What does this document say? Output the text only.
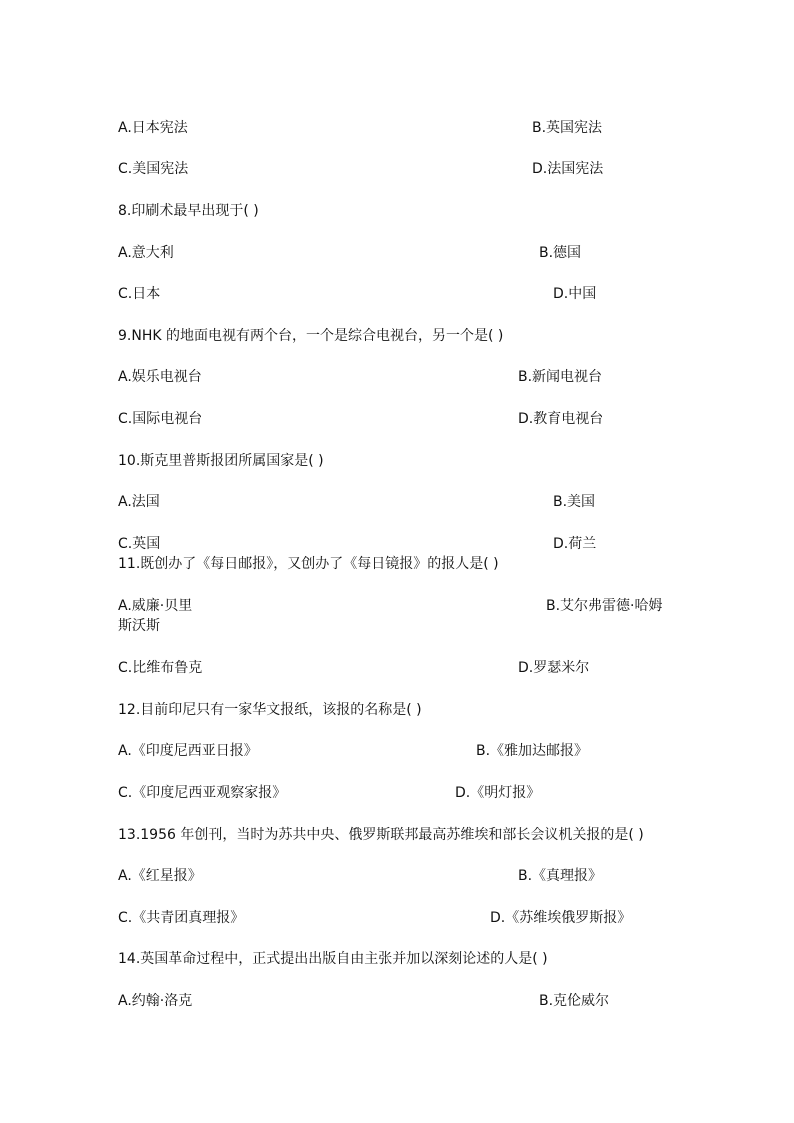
A.日本宪法	B.英国宪法
C.美国宪法	D.法国宪法
8.印刷术最早出现于( )
A.意大利	B.德国
C.日本	D.中国
9.NHK 的地面电视有两个台，一个是综合电视台，另一个是( )
A.娱乐电视台	B.新闻电视台
C.国际电视台	D.教育电视台
10.斯克里普斯报团所属国家是( )
A.法国	B.美国
C.英国	D.荷兰
11.既创办了《每日邮报》，又创办了《每日镜报》的报人是( )
A.威廉·贝里	B.艾尔弗雷德·哈姆
斯沃斯
C.比维布鲁克	D.罗瑟米尔
12.目前印尼只有一家华文报纸，该报的名称是( )
A.《印度尼西亚日报》	B.《雅加达邮报》
C.《印度尼西亚观察家报》	D.《明灯报》
13.1956 年创刊，当时为苏共中央、俄罗斯联邦最高苏维埃和部长会议机关报的是( )
A.《红星报》	B.《真理报》
C.《共青团真理报》	D.《苏维埃俄罗斯报》
14.英国革命过程中，正式提出出版自由主张并加以深刻论述的人是( )
A.约翰·洛克	B.克伦威尔
